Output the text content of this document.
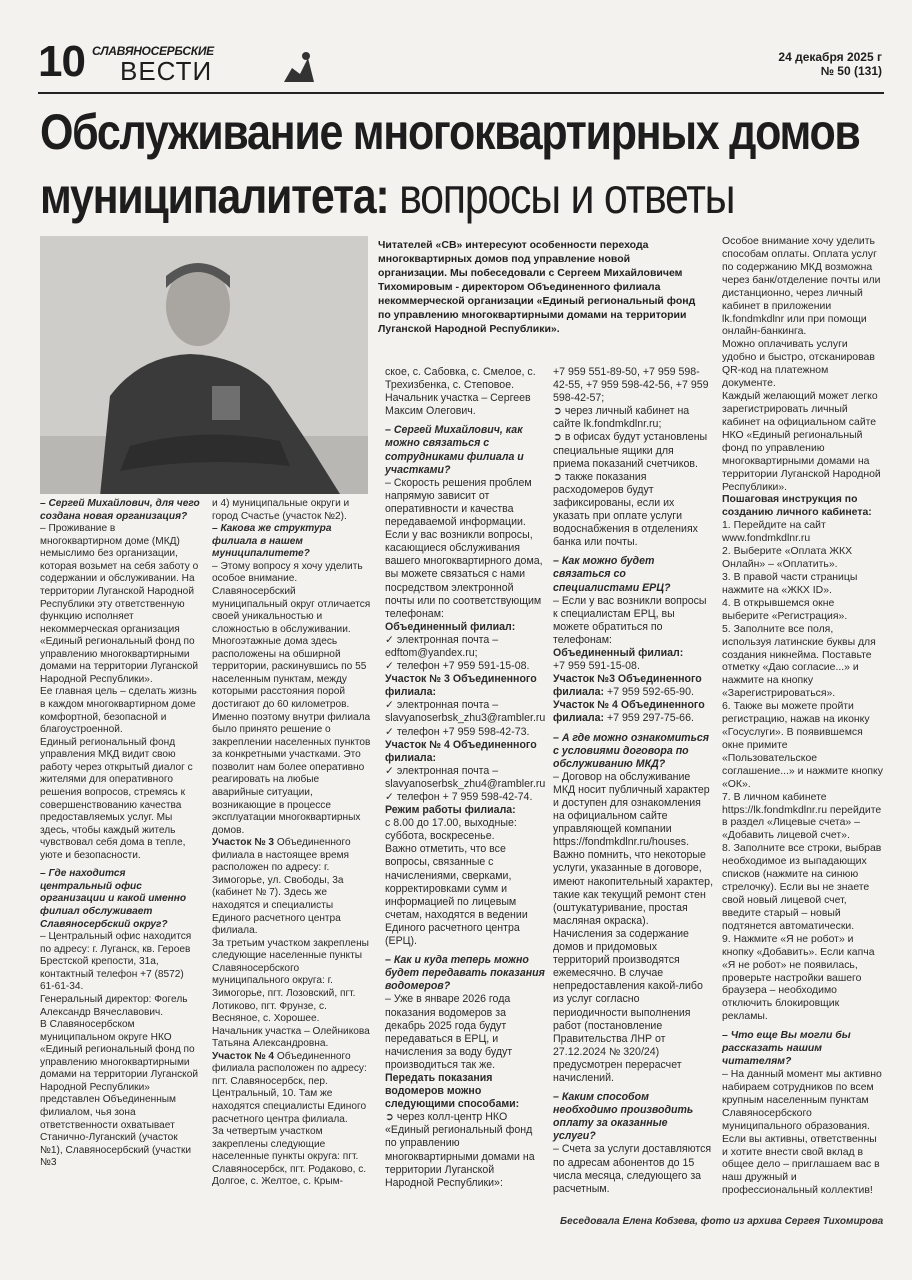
10 СЛАВЯНОСЕРБСКИЕ
ВЕСТИ	24 декабря 2025 г
№ 50 (131)
Обслуживание многоквартирных домов
муниципалитета: вопросы и ответы
Читателей «СВ» интересуют особенности перехода многоквартирных домов под управление новой организации. Мы побеседовали с Сергеем Михайловичем Тихомировым - директором Объединенного филиала некоммерческой организации «Единый региональный фонд по управлению многоквартирными домами на территории Луганской Народной Республики».

– Сергей Михайлович, для чего создана новая организация?

– Проживание в многоквартирном доме (МКД) немыслимо без организации, которая возьмет на себя заботу о содержании и обслуживании. На территории Луганской Народной Республики эту ответственную функцию исполняет некоммерческая организация «Единый региональный фонд по управлению многоквартирными домами на территории Луганской Народной Республики».

Ее главная цель – сделать жизнь в каждом многоквартирном доме комфортной, безопасной и благоустроенной.

Единый региональный фонд управления МКД видит свою работу через открытый диалог с жителями для оперативного решения вопросов, стремясь к совершенствованию качества предоставляемых услуг. Мы здесь, чтобы каждый житель чувствовал себя дома в тепле, уюте и безопасности.

– Где находится центральный офис организации и какой именно филиал обслуживает Славяносербский округ?

– Центральный офис находится по адресу: г. Луганск, кв. Героев Брестской крепости, 31а, контактный телефон +7 (8572) 61-61-34.

Генеральный директор: Фогель Александр Вячеславович.

В Славяносербском муниципальном округе НКО «Единый региональный фонд по управлению многоквартирными домами на территории Луганской Народной Республики» представлен Объединенным филиалом, чья зона ответственности охватывает Станично-Луганский (участок №1), Славяносербский (участки №3

и 4) муниципальные округи и город Счастье (участок №2).

– Какова же структура филиала в нашем муниципалитете?

– Этому вопросу я хочу уделить особое внимание. Славяносербский муниципальный округ отличается своей уникальностью и сложностью в обслуживании. Многоэтажные дома здесь расположены на обширной территории, раскинувшись по 55 населенным пунктам, между которыми расстояния порой достигают до 60 километров. Именно поэтому внутри филиала было принято решение о закреплении населенных пунктов за конкретными участками. Это позволит нам более оперативно реагировать на любые аварийные ситуации, возникающие в процессе эксплуатации многоквартирных домов.

Участок № 3 Объединенного филиала в настоящее время расположен по адресу: г. Зимогорье, ул. Свободы, 3а (кабинет № 7). Здесь же находятся и специалисты Единого расчетного центра филиала.

За третьим участком закреплены следующие населенные пункты Славяносербского муниципального округа: г. Зимогорье, пгт. Лозовский, пгт. Лотиково, пгт. Фрунзе, с. Весняное, с. Хорошее.

Начальник участка – Олейникова Татьяна Александровна.

Участок № 4 Объединенного филиала расположен по адресу: пгт. Славяносербск, пер. Центральный, 10. Там же находятся специалисты Единого расчетного центра филиала.

За четвертым участком закреплены следующие населенные пункты округа: пгт. Славяносербск, пгт. Родаково, с. Долгое, с. Желтое, с. Крым-

ское, с. Сабовка, с. Смелое, с. Трехизбенка, с. Степовое.

Начальник участка – Сергеев Максим Олегович.

– Сергей Михайлович, как можно связаться с сотрудниками филиала и участками?

– Скорость решения проблем напрямую зависит от оперативности и качества передаваемой информации. Если у вас возникли вопросы, касающиеся обслуживания вашего многоквартирного дома, вы можете связаться с нами посредством электронной почты или по соответствующим телефонам:

Объединенный филиал:

✓ электронная почта – edftom@yandex.ru;

✓ телефон +7 959 591-15-08.

Участок № 3 Объединенного филиала:

✓ электронная почта – slavyanoserbsk_zhu3@rambler.ru

✓ телефон +7 959 598-42-73.

Участок № 4 Объединенного филиала:

✓ электронная почта – slavyanoserbsk_zhu4@rambler.ru

✓ телефон + 7 959 598-42-74.

Режим работы филиала:

с 8.00 до 17.00, выходные: суббота, воскресенье.

Важно отметить, что все вопросы, связанные с начислениями, сверками, корректировками сумм и информацией по лицевым счетам, находятся в ведении Единого расчетного центра (ЕРЦ).

– Как и куда теперь можно будет передавать показания водомеров?

– Уже в январе 2026 года показания водомеров за декабрь 2025 года будут передаваться в ЕРЦ, и начисления за воду будут производиться так же. Передать показания водомеров можно следующими способами:

➲ через колл-центр НКО «Единый региональный фонд по управлению многоквартирными домами на территории Луганской Народной Республики»:

+7 959 551-89-50, +7 959 598-42-55, +7 959 598-42-56, +7 959 598-42-57;

➲ через личный кабинет на сайте lk.fondmkdlnr.ru;

➲ в офисах будут установлены специальные ящики для приема показаний счетчиков.

➲ также показания расходомеров будут зафиксированы, если их указать при оплате услуги водоснабжения в отделениях банка или почты.

– Как можно будет связаться со специалистами ЕРЦ?

– Если у вас возникли вопросы к специалистам ЕРЦ, вы можете обратиться по телефонам:

Объединенный филиал:

+7 959 591-15-08.

Участок №3 Объединенного филиала: +7 959 592-65-90.

Участок № 4 Объединенного филиала: +7 959 297-75-66.

– А где можно ознакомиться с условиями договора по обслуживанию МКД?

– Договор на обслуживание МКД носит публичный характер и доступен для ознакомления на официальном сайте управляющей компании https://fondmkdlnr.ru/houses.

Важно помнить, что некоторые услуги, указанные в договоре, имеют накопительный характер, такие как текущий ремонт стен (оштукатуривание, простая масляная окраска).

Начисления за содержание домов и придомовых территорий производятся ежемесячно. В случае непредоставления какой-либо из услуг согласно периодичности выполнения работ (постановление Правительства ЛНР от 27.12.2024 № 320/24) предусмотрен перерасчет начислений.

– Каким способом необходимо производить оплату за оказанные услуги?

– Счета за услуги доставляются по адресам абонентов до 15 числа месяца, следующего за расчетным.

Особое внимание хочу уделить способам оплаты. Оплата услуг по содержанию МКД возможна через банк/отделение почты или дистанционно, через личный кабинет в приложении lk.fondmkdlnr или при помощи онлайн-банкинга.

Можно оплачивать услуги удобно и быстро, отсканировав QR-код на платежном документе.

Каждый желающий может легко зарегистрировать личный кабинет на официальном сайте НКО «Единый региональный фонд по управлению многоквартирными домами на территории Луганской Народной Республики».

Пошаговая инструкция по созданию личного кабинета:

1. Перейдите на сайт www.fondmkdlnr.ru

2. Выберите «Оплата ЖКХ Онлайн» – «Оплатить».

3. В правой части страницы нажмите на «ЖКХ ID».

4. В открывшемся окне выберите «Регистрация».

5. Заполните все поля, используя латинские буквы для создания никнейма. Поставьте отметку «Даю согласие...» и нажмите на кнопку «Зарегистрироваться».

6. Также вы можете пройти регистрацию, нажав на иконку «Госуслуги». В появившемся окне примите «Пользовательское соглашение...» и нажмите кнопку «ОК».

7. В личном кабинете https://lk.fondmkdlnr.ru перейдите в раздел «Лицевые счета» – «Добавить лицевой счет».

8. Заполните все строки, выбрав необходимое из выпадающих списков (нажмите на синюю стрелочку). Если вы не знаете свой новый лицевой счет, введите старый – новый подтянется автоматически.

9. Нажмите «Я не робот» и кнопку «Добавить». Если капча «Я не робот» не появилась, проверьте настройки вашего браузера – необходимо отключить блокировщик рекламы.

– Что еще Вы могли бы рассказать нашим читателям?

– На данный момент мы активно набираем сотрудников по всем крупным населенным пунктам Славяносербского муниципального образования. Если вы активны, ответственны и хотите внести свой вклад в общее дело – приглашаем вас в наш дружный и профессиональный коллектив!

Беседовала Елена Кобзева, фото из архива Сергея Тихомирова
